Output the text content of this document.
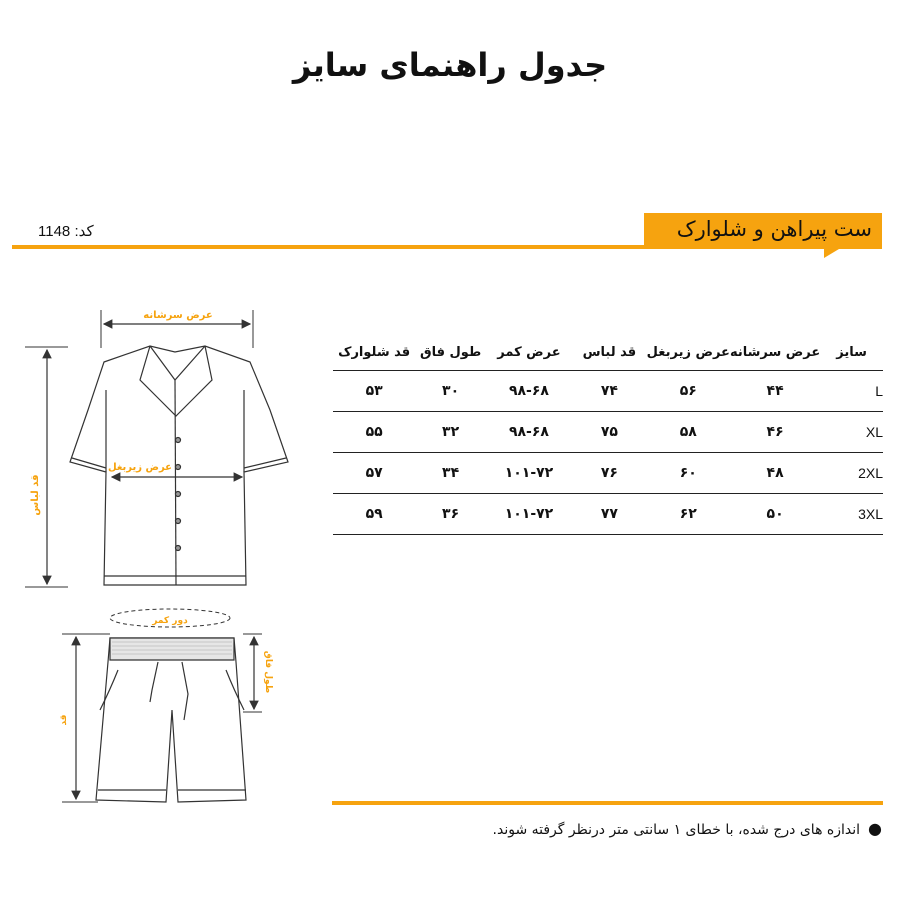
جدول راهنمای سایز
ست پیراهن و شلوارک
کد: 1148
عرض سرشانه
قد لباس
عرض زیربغل
دور کمر
طول فاق
قد
سایز	عرض سرشانه	عرض زیربغل	قد لباس	عرض کمر	طول فاق	قد شلوارک
L	۴۴	۵۶	۷۴	۹۸-۶۸	۳۰	۵۳
XL	۴۶	۵۸	۷۵	۹۸-۶۸	۳۲	۵۵
2XL	۴۸	۶۰	۷۶	۱۰۱-۷۲	۳۴	۵۷
3XL	۵۰	۶۲	۷۷	۱۰۱-۷۲	۳۶	۵۹
●اندازه های درج شده، با خطای ۱ سانتی متر درنظر گرفته شوند.
